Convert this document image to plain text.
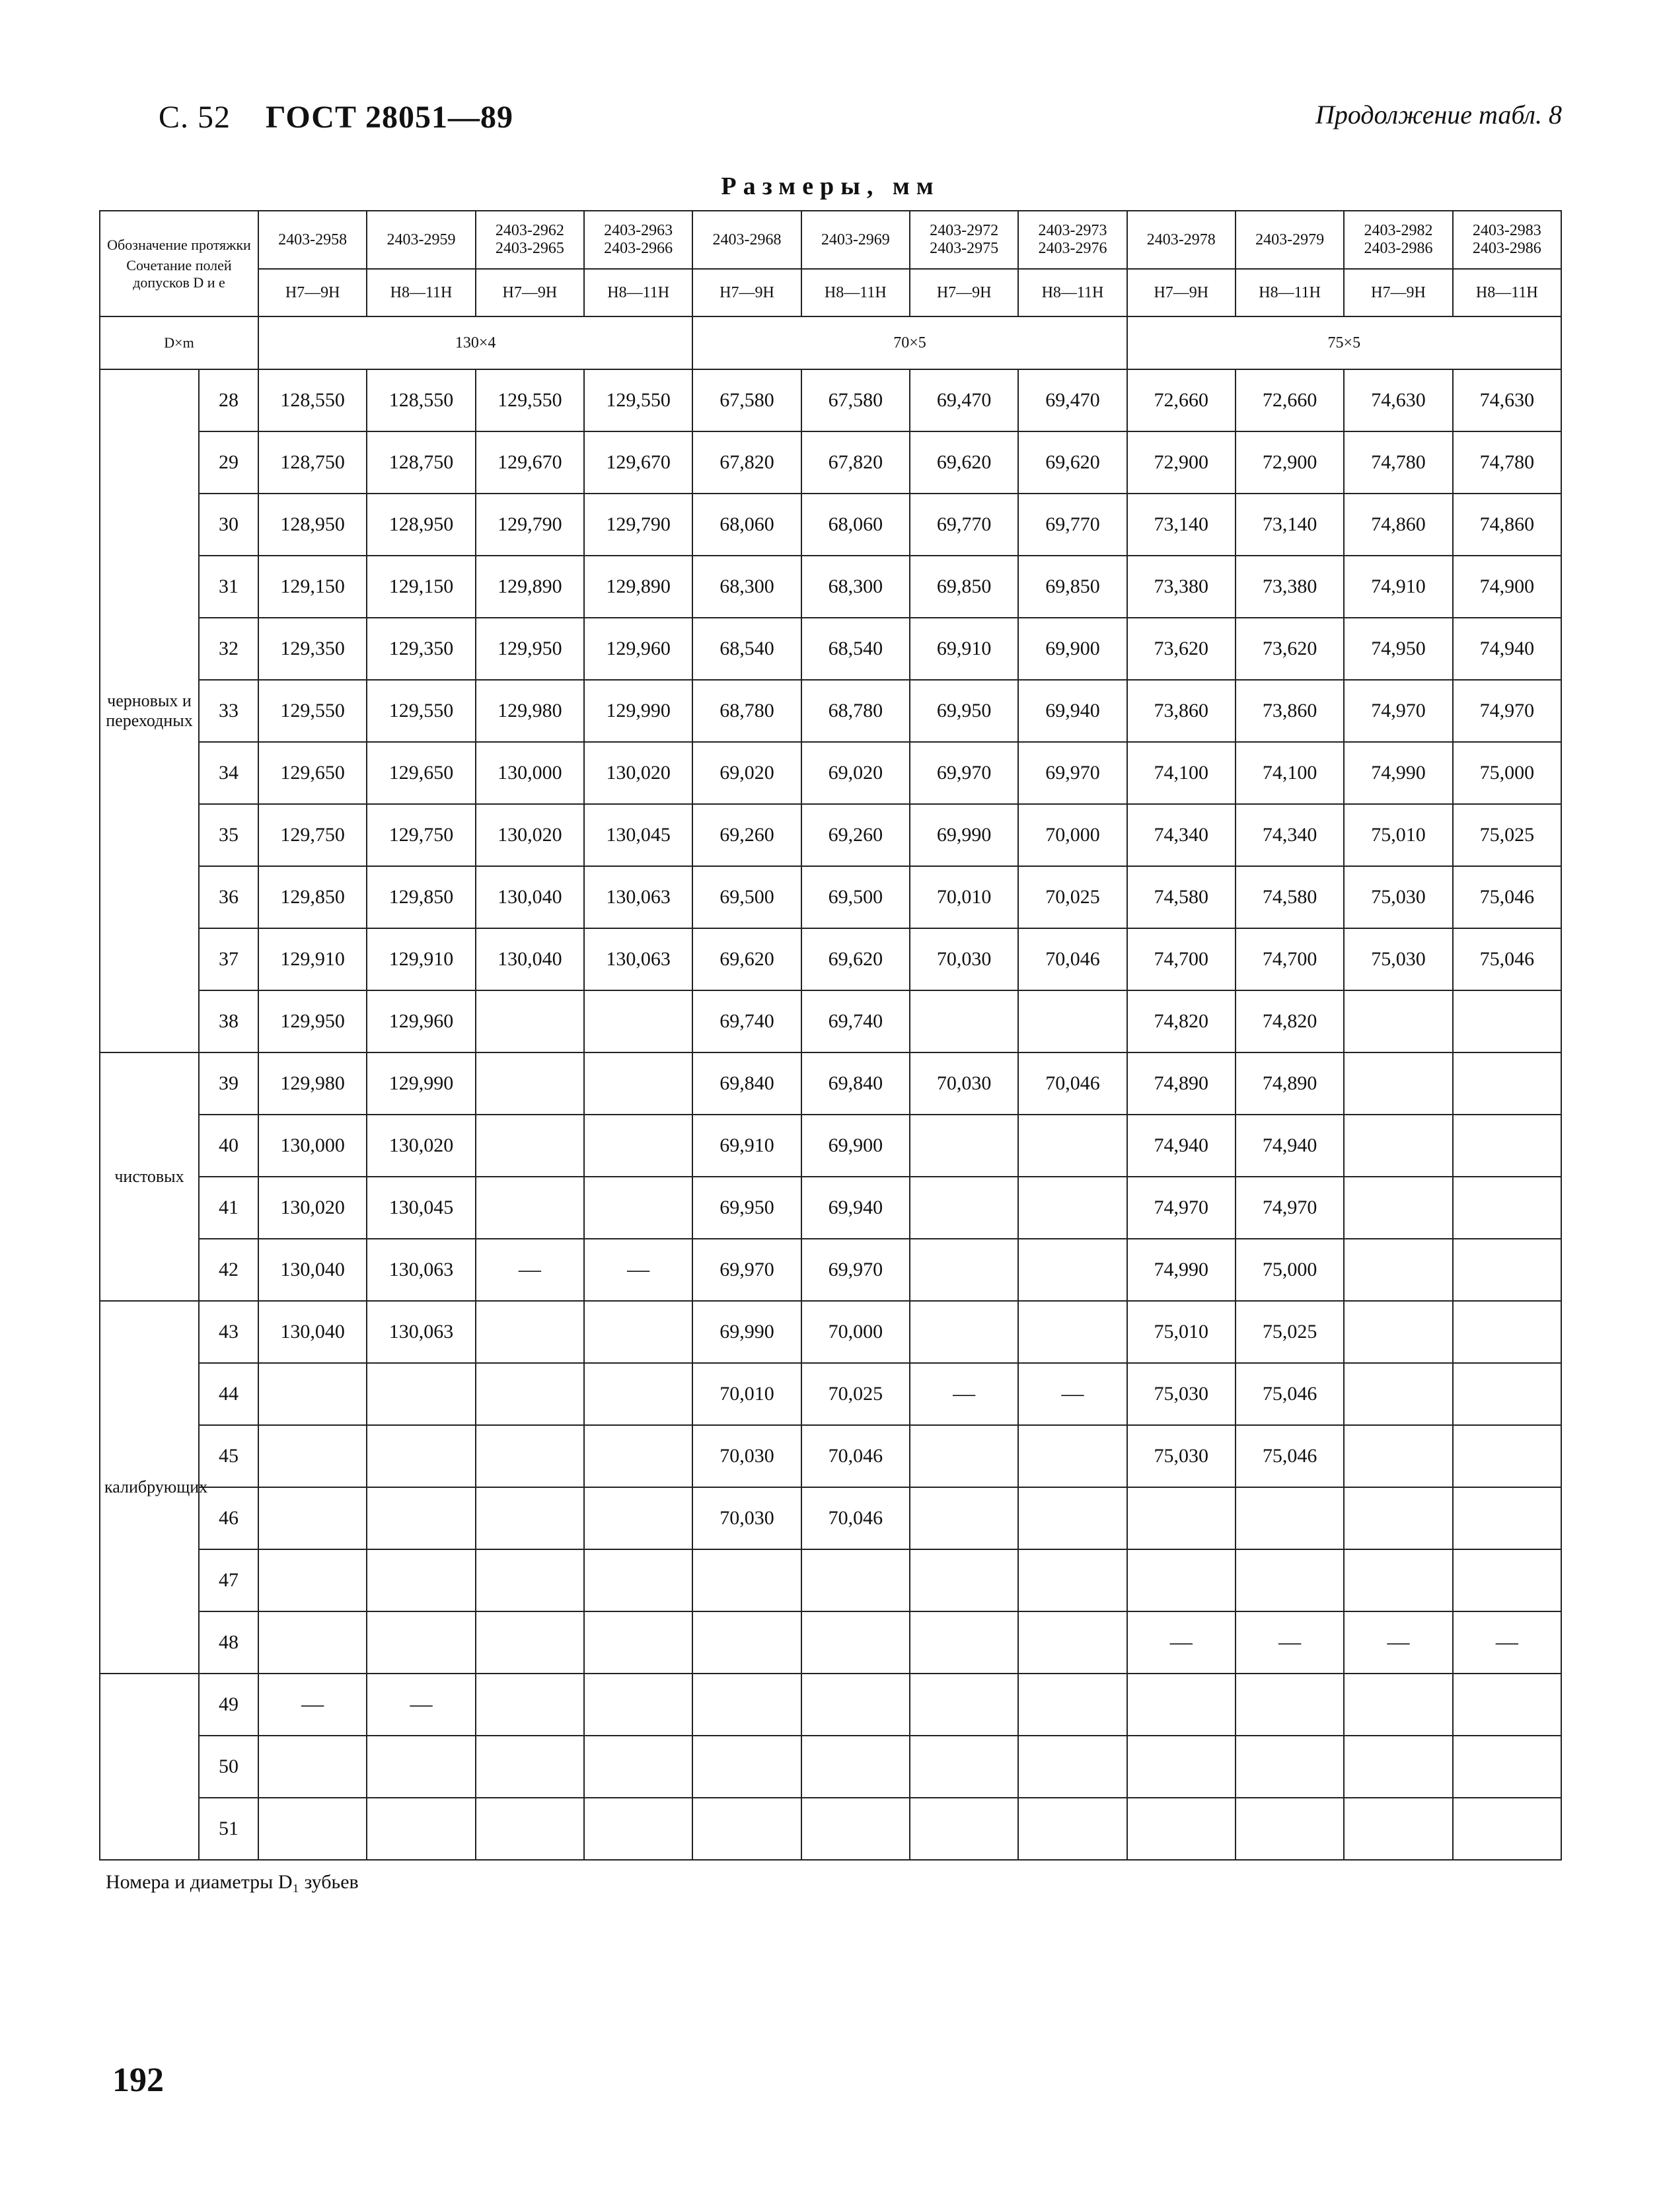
С. 52 ГОСТ 28051—89	Продолжение табл. 8
Размеры, мм
Обозначение протяжки
Сочетание полей допусков D и e		2403-2958	2403-2959	2403-2962 2403-2965	2403-2963 2403-2966	2403-2968	2403-2969	2403-2972 2403-2975	2403-2973 2403-2976	2403-2978	2403-2979	2403-2982 2403-2986	2403-2983 2403-2986
		H7—9H	H8—11H	H7—9H	H8—11H	H7—9H	H8—11H	H7—9H	H8—11H	H7—9H	H8—11H	H7—9H	H8—11H
D×m		130×4				70×5				75×5			
черновых и переходных	28	128,550	128,550	129,550	129,550	67,580	67,580	69,470	69,470	72,660	72,660	74,630	74,630
	29	128,750	128,750	129,670	129,670	67,820	67,820	69,620	69,620	72,900	72,900	74,780	74,780
	30	128,950	128,950	129,790	129,790	68,060	68,060	69,770	69,770	73,140	73,140	74,860	74,860
	31	129,150	129,150	129,890	129,890	68,300	68,300	69,850	69,850	73,380	73,380	74,910	74,900
	32	129,350	129,350	129,950	129,960	68,540	68,540	69,910	69,900	73,620	73,620	74,950	74,940
	33	129,550	129,550	129,980	129,990	68,780	68,780	69,950	69,940	73,860	73,860	74,970	74,970
	34	129,650	129,650	130,000	130,020	69,020	69,020	69,970	69,970	74,100	74,100	74,990	75,000
	35	129,750	129,750	130,020	130,045	69,260	69,260	69,990	70,000	74,340	74,340	75,010	75,025
	36	129,850	129,850	130,040	130,063	69,500	69,500	70,010	70,025	74,580	74,580	75,030	75,046
	37	129,910	129,910	130,040	130,063	69,620	69,620	70,030	70,046	74,700	74,700	75,030	75,046
	38	129,950	129,960			69,740	69,740			74,820	74,820		
чистовых	39	129,980	129,990			69,840	69,840	70,030	70,046	74,890	74,890		
	40	130,000	130,020			69,910	69,900			74,940	74,940		
	41	130,020	130,045			69,950	69,940			74,970	74,970		
	42	130,040	130,063	—	—	69,970	69,970			74,990	75,000		
калибрующих	43	130,040	130,063			69,990	70,000			75,010	75,025		
	44					70,010	70,025	—	—	75,030	75,046		
	45					70,030	70,046			75,030	75,046		
	46					70,030	70,046						
	47												
	48									—	—	—	—
	49	—	—										
	50												
	51												
Номера и диаметры D₁ зубьев
192
